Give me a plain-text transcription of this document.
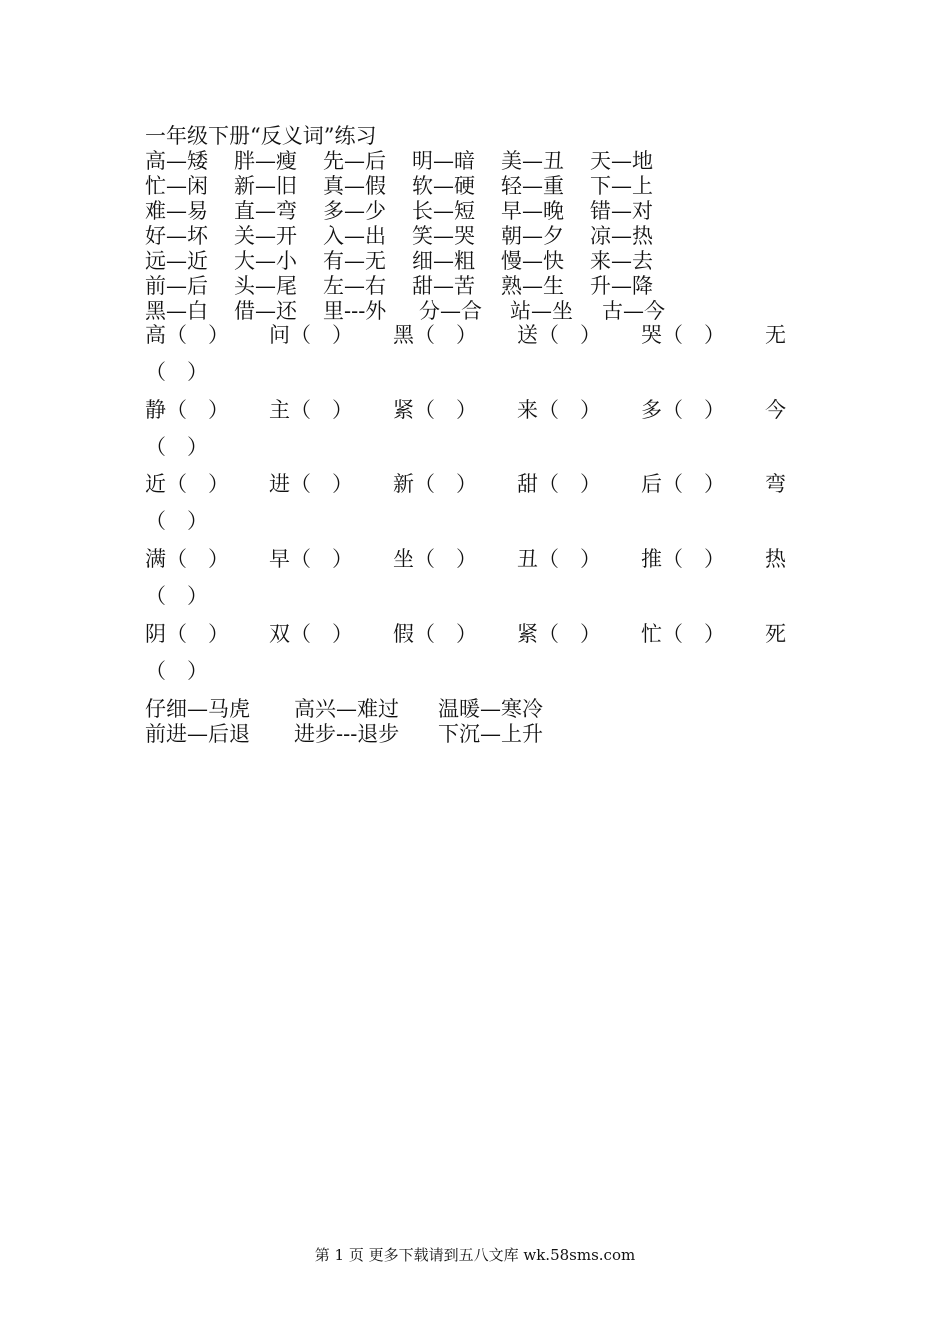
一年级下册“反义词”练习
高—矮	胖—瘦	先—后	明—暗	美—丑	天—地
忙—闲	新—旧	真—假	软—硬	轻—重	下—上
难—易	直—弯	多—少	长—短	早—晚	错—对
好—坏	关—开	入—出	笑—哭	朝—夕	凉—热
远—近	大—小	有—无	细—粗	慢—快	来—去
前—后	头—尾	左—右	甜—苦	熟—生	升—降
黑—白	借—还	里---外	分—合	站—坐	古—今
高（　） 问（　） 黑（　） 送（　） 哭（　） 无
（　）
静（　） 主（　） 紧（　） 来（　） 多（　） 今
（　）
近（　） 进（　） 新（　） 甜（　） 后（　） 弯
（　）
满（　） 早（　） 坐（　） 丑（　） 推（　） 热
（　）
阴（　） 双（　） 假（　） 紧（　） 忙（　） 死
（　）
仔细—马虎	高兴—难过	温暖—寒冷
前进—后退	进步---退步	下沉—上升
第 1 页 更多下载请到五八文库 wk.58sms.com
